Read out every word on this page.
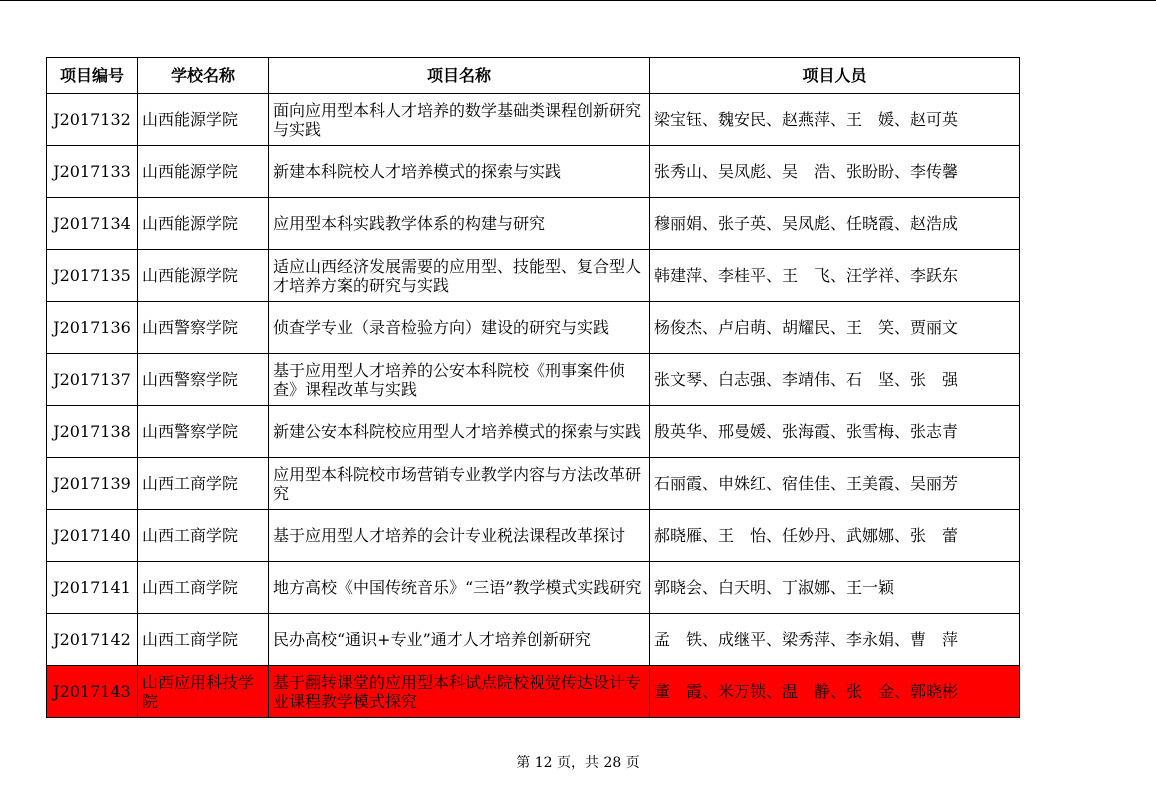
项目编号	学校名称	项目名称	项目人员
J2017132	山西能源学院	面向应用型本科人才培养的数学基础类课程创新研究与实践	梁宝钰、魏安民、赵燕萍、王　媛、赵可英
J2017133	山西能源学院	新建本科院校人才培养模式的探索与实践	张秀山、吴凤彪、吴　浩、张盼盼、李传馨
J2017134	山西能源学院	应用型本科实践教学体系的构建与研究	穆丽娟、张子英、吴凤彪、任晓霞、赵浩成
J2017135	山西能源学院	适应山西经济发展需要的应用型、技能型、复合型人才培养方案的研究与实践	韩建萍、李桂平、王　飞、汪学祥、李跃东
J2017136	山西警察学院	侦查学专业（录音检验方向）建设的研究与实践	杨俊杰、卢启萌、胡耀民、王　笑、贾丽文
J2017137	山西警察学院	基于应用型人才培养的公安本科院校《刑事案件侦查》课程改革与实践	张文琴、白志强、李靖伟、石　坚、张　强
J2017138	山西警察学院	新建公安本科院校应用型人才培养模式的探索与实践	殷英华、邢曼媛、张海霞、张雪梅、张志青
J2017139	山西工商学院	应用型本科院校市场营销专业教学内容与方法改革研究	石丽霞、申姝红、宿佳佳、王美霞、吴丽芳
J2017140	山西工商学院	基于应用型人才培养的会计专业税法课程改革探讨	郝晓雁、王　怡、任妙丹、武娜娜、张　蕾
J2017141	山西工商学院	地方高校《中国传统音乐》“三语”教学模式实践研究	郭晓会、白天明、丁淑娜、王一颖
J2017142	山西工商学院	民办高校“通识+专业”通才人才培养创新研究	孟　铁、成继平、梁秀萍、李永娟、曹　萍
J2017143	山西应用科技学院	基于翻转课堂的应用型本科试点院校视觉传达设计专业课程教学模式探究	董　霞、米万锁、温　静、张　金、郭晓彬
第 12 页，共 28 页
